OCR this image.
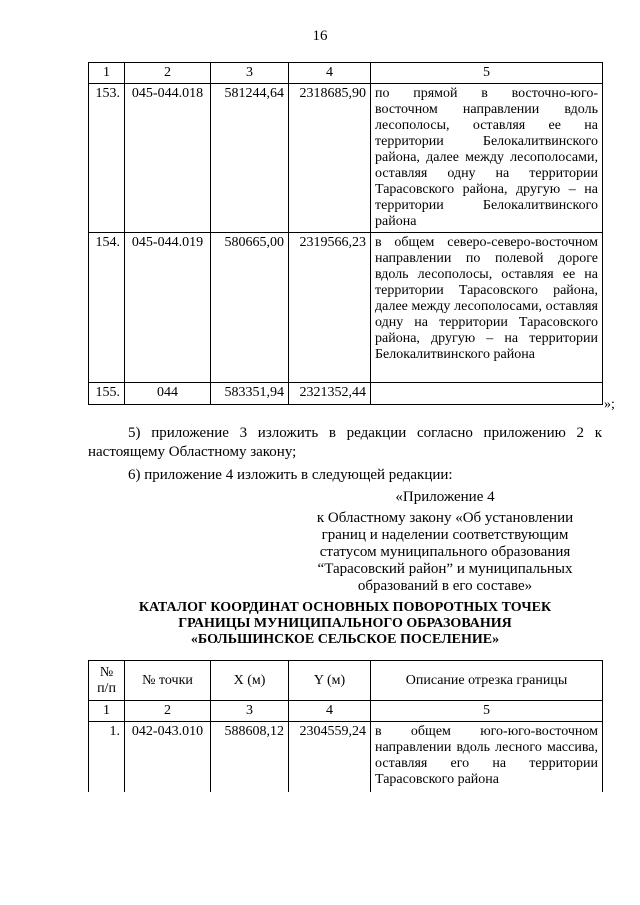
16
1	2	3	4	5
153.	045-044.018	581244,64	2318685,90	по прямой в восточно-юго-восточном направлении вдоль лесополосы, оставляя ее на территории Белокалитвинского района, далее между лесополосами, оставляя одну на территории Тарасовского района, другую – на территории Белокалитвинского района
154.	045-044.019	580665,00	2319566,23	в общем северо-северо-восточном направлении по полевой дороге вдоль лесополосы, оставляя ее на территории Тарасовского района, далее между лесополосами, оставляя одну на территории Тарасовского района, другую – на территории Белокалитвинского района
155.	044	583351,94	2321352,44	
»;
5) приложение 3 изложить в редакции согласно приложению 2 к настоящему Областному закону;
6) приложение 4 изложить в следующей редакции:
«Приложение 4
к Областному закону «Об установлении
границ и наделении соответствующим
статусом муниципального образования
“Тарасовский район” и муниципальных
образований в его составе»
КАТАЛОГ КООРДИНАТ ОСНОВНЫХ ПОВОРОТНЫХ ТОЧЕК
ГРАНИЦЫ МУНИЦИПАЛЬНОГО ОБРАЗОВАНИЯ
«БОЛЬШИНСКОЕ СЕЛЬСКОЕ ПОСЕЛЕНИЕ»
№
п/п	№ точки	X (м)	Y (м)	Описание отрезка границы
1	2	3	4	5
1.	042-043.010	588608,12	2304559,24	в общем юго-юго-восточном направлении вдоль лесного массива, оставляя его на территории Тарасовского района
